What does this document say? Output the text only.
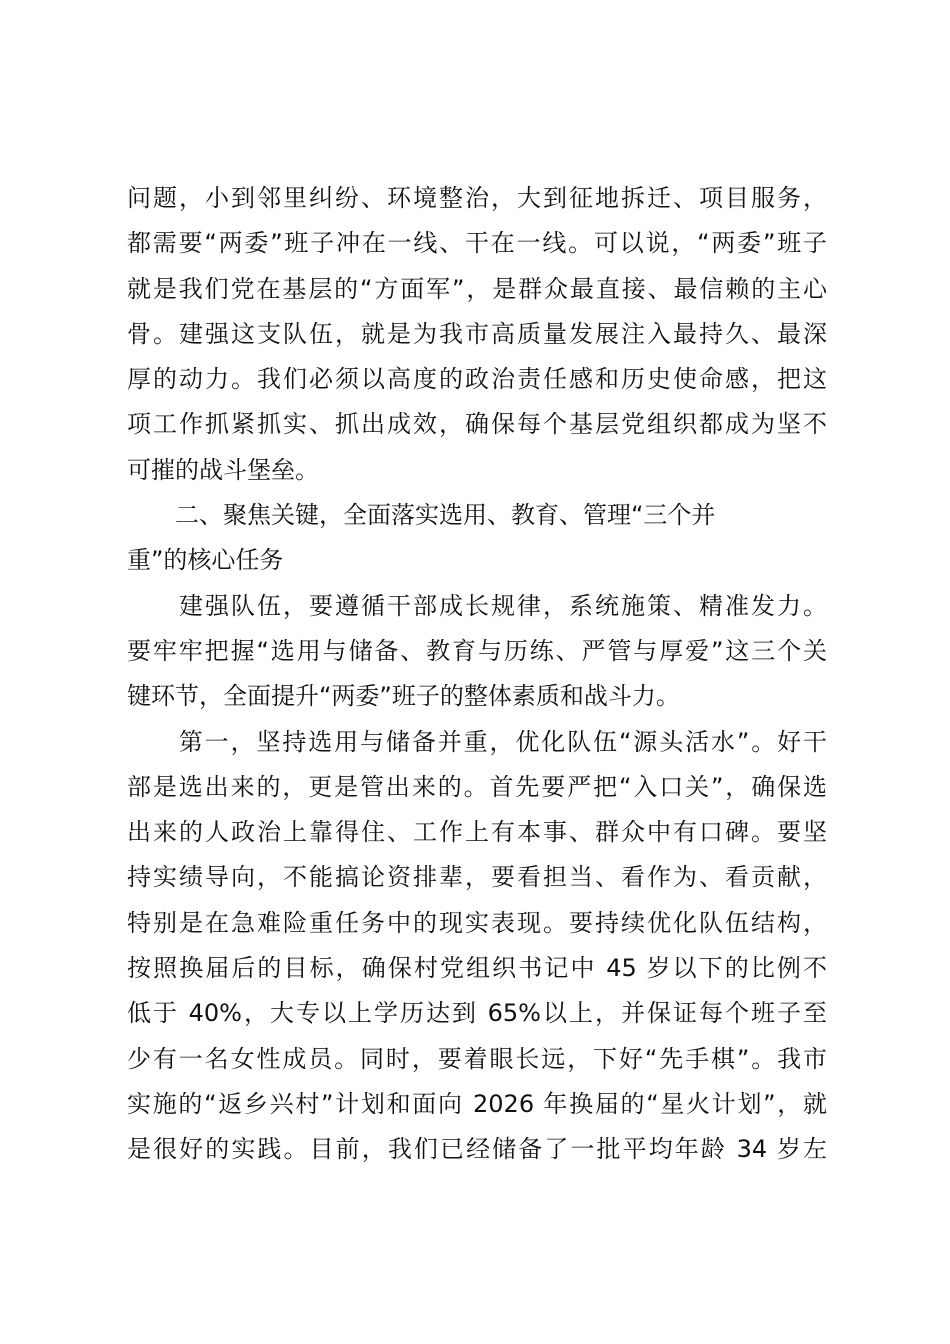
问题，小到邻里纠纷、环境整治，大到征地拆迁、项目服务，
都需要“两委”班子冲在一线、干在一线。可以说，“两委”班子
就是我们党在基层的“方面军”，是群众最直接、最信赖的主心
骨。建强这支队伍，就是为我市高质量发展注入最持久、最深
厚的动力。我们必须以高度的政治责任感和历史使命感，把这
项工作抓紧抓实、抓出成效，确保每个基层党组织都成为坚不
可摧的战斗堡垒。
　　二、聚焦关键，全面落实选用、教育、管理“三个并
重”的核心任务
　　建强队伍，要遵循干部成长规律，系统施策、精准发力。
要牢牢把握“选用与储备、教育与历练、严管与厚爱”这三个关
键环节，全面提升“两委”班子的整体素质和战斗力。
　　第一，坚持选用与储备并重，优化队伍“源头活水”。好干
部是选出来的，更是管出来的。首先要严把“入口关”，确保选
出来的人政治上靠得住、工作上有本事、群众中有口碑。要坚
持实绩导向，不能搞论资排辈，要看担当、看作为、看贡献，
特别是在急难险重任务中的现实表现。要持续优化队伍结构，
按照换届后的目标，确保村党组织书记中 45 岁以下的比例不
低于 40%，大专以上学历达到 65%以上，并保证每个班子至
少有一名女性成员。同时，要着眼长远，下好“先手棋”。我市
实施的“返乡兴村”计划和面向 2026 年换届的“星火计划”，就
是很好的实践。目前，我们已经储备了一批平均年龄 34 岁左
